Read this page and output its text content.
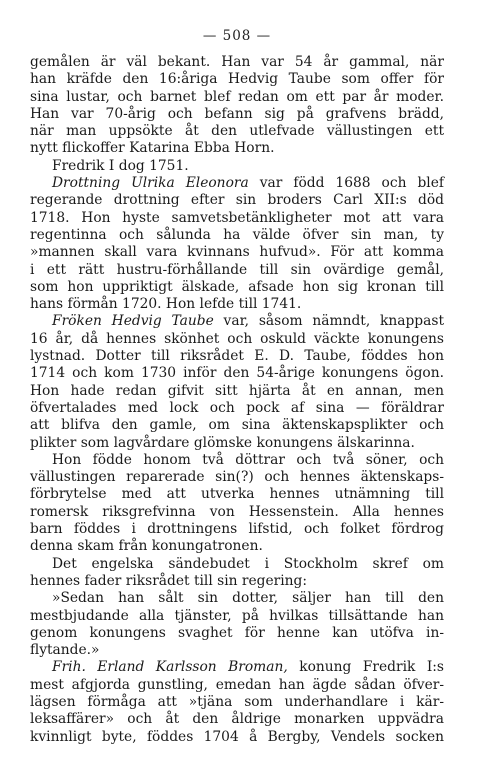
— 508 —
gemålen är väl bekant. Han var 54 år gammal, när
han kräfde den 16:åriga Hedvig Taube som offer för
sina lustar, och barnet blef redan om ett par år moder.
Han var 70-årig och befann sig på grafvens brädd,
när man uppsökte åt den utlefvade vällustingen ett
nytt flickoffer Katarina Ebba Horn.
Fredrik I dog 1751.
Drottning Ulrika Eleonora var född 1688 och blef
regerande drottning efter sin broders Carl XII:s död
1718. Hon hyste samvetsbetänkligheter mot att vara
regentinna och sålunda ha välde öfver sin man, ty
»mannen skall vara kvinnans hufvud». För att komma
i ett rätt hustru-förhållande till sin ovärdige gemål,
som hon uppriktigt älskade, afsade hon sig kronan till
hans förmån 1720. Hon lefde till 1741.
Fröken Hedvig Taube var, såsom nämndt, knappast
16 år, då hennes skönhet och oskuld väckte konungens
lystnad. Dotter till riksrådet E. D. Taube, föddes hon
1714 och kom 1730 inför den 54-årige konungens ögon.
Hon hade redan gifvit sitt hjärta åt en annan, men
öfvertalades med lock och pock af sina — föräldrar
att blifva den gamle, om sina äktenskapsplikter och
plikter som lagvårdare glömske konungens älskarinna.
Hon födde honom två döttrar och två söner, och
vällustingen reparerade sin(?) och hennes äktenskaps-
förbrytelse med att utverka hennes utnämning till
romersk riksgrefvinna von Hessenstein. Alla hennes
barn föddes i drottningens lifstid, och folket fördrog
denna skam från konungatronen.
Det engelska sändebudet i Stockholm skref om
hennes fader riksrådet till sin regering:
»Sedan han sålt sin dotter, säljer han till den
mestbjudande alla tjänster, på hvilkas tillsättande han
genom konungens svaghet för henne kan utöfva in-
flytande.»
Frih. Erland Karlsson Broman, konung Fredrik I:s
mest afgjorda gunstling, emedan han ägde sådan öfver-
lägsen förmåga att »tjäna som underhandlare i kär-
leksaffärer» och åt den åldrige monarken uppvädra
kvinnligt byte, föddes 1704 å Bergby, Vendels socken
